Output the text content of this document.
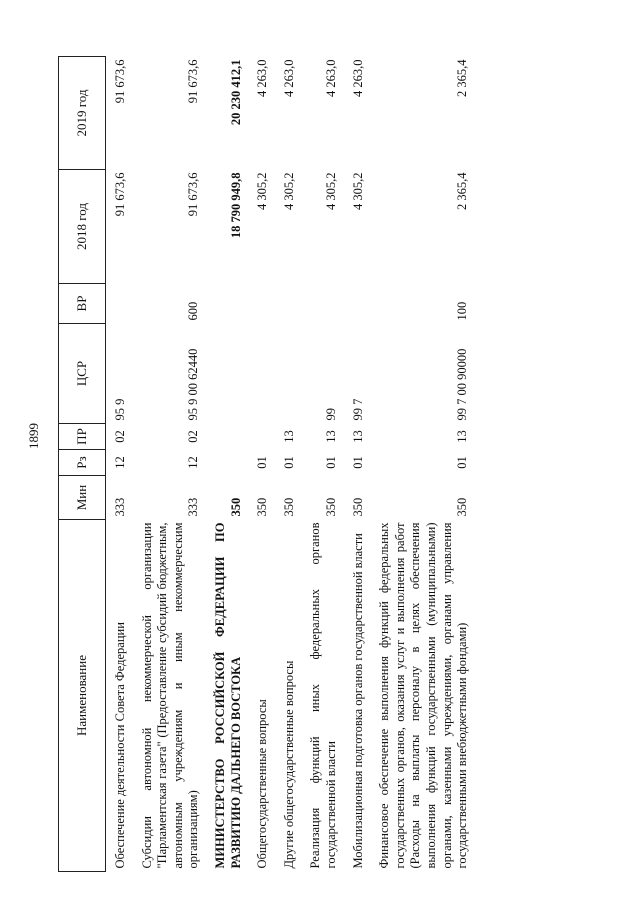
1899
Наименование	Мин	Рз	ПР	ЦСР	ВР	2018 год	2019 год
Обеспечение деятельности Совета Федерации	333	12	02	95 9		91 673,6	91 673,6
Субсидии автономной некоммерческой организации "Парламентская газета" (Предоставление субсидий бюджетным, автономным учреждениям и иным некоммерческим организациям)	333	12	02	95 9 00 62440	600	91 673,6	91 673,6
МИНИСТЕРСТВО РОССИЙСКОЙ ФЕДЕРАЦИИ ПО РАЗВИТИЮ ДАЛЬНЕГО ВОСТОКА	350					18 790 949,8	20 230 412,1
Общегосударственные вопросы	350	01				4 305,2	4 263,0
Другие общегосударственные вопросы	350	01	13			4 305,2	4 263,0
Реализация функций иных федеральных органов государственной власти	350	01	13	99		4 305,2	4 263,0
Мобилизационная подготовка органов государственной власти	350	01	13	99 7		4 305,2	4 263,0
Финансовое обеспечение выполнения функций федеральных государственных органов, оказания услуг и выполнения работ (Расходы на выплаты персоналу в целях обеспечения выполнения функций государственными (муниципальными) органами, казенными учреждениями, органами управления государственными внебюджетными фондами)	350	01	13	99 7 00 90000	100	2 365,4	2 365,4
